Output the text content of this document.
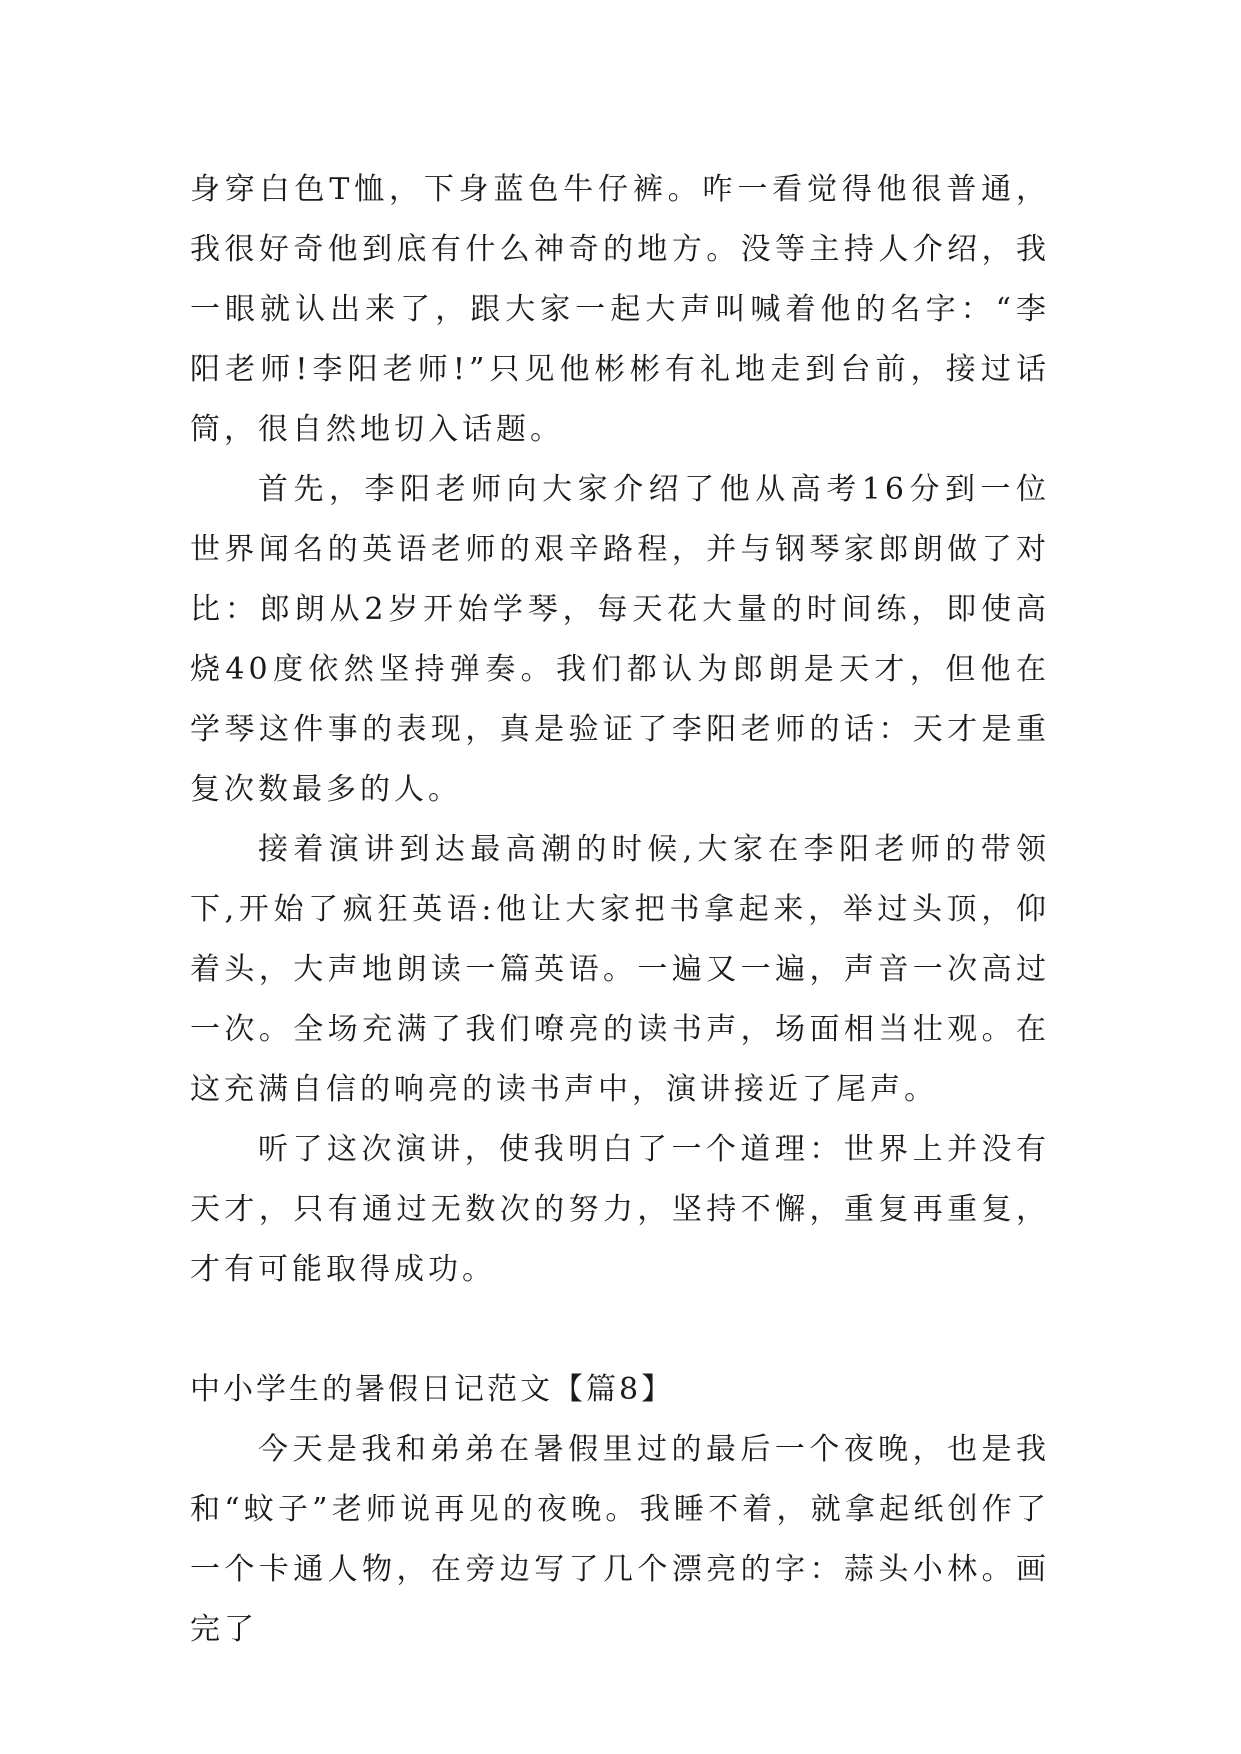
身穿白色T恤，下身蓝色牛仔裤。咋一看觉得他很普通，我很好奇他到底有什么神奇的地方。没等主持人介绍，我一眼就认出来了，跟大家一起大声叫喊着他的名字：“李阳老师!李阳老师!”只见他彬彬有礼地走到台前，接过话筒，很自然地切入话题。

首先，李阳老师向大家介绍了他从高考16分到一位世界闻名的英语老师的艰辛路程，并与钢琴家郎朗做了对比：郎朗从2岁开始学琴，每天花大量的时间练，即使高烧40度依然坚持弹奏。我们都认为郎朗是天才，但他在学琴这件事的表现，真是验证了李阳老师的话：天才是重复次数最多的人。

接着演讲到达最高潮的时候,大家在李阳老师的带领下,开始了疯狂英语:他让大家把书拿起来，举过头顶，仰着头，大声地朗读一篇英语。一遍又一遍，声音一次高过一次。全场充满了我们嘹亮的读书声，场面相当壮观。在这充满自信的响亮的读书声中，演讲接近了尾声。

听了这次演讲，使我明白了一个道理：世界上并没有天才，只有通过无数次的努力，坚持不懈，重复再重复，才有可能取得成功。

中小学生的暑假日记范文【篇8】

今天是我和弟弟在暑假里过的最后一个夜晚，也是我和“蚊子”老师说再见的夜晚。我睡不着，就拿起纸创作了一个卡通人物，在旁边写了几个漂亮的字：蒜头小林。画完了
